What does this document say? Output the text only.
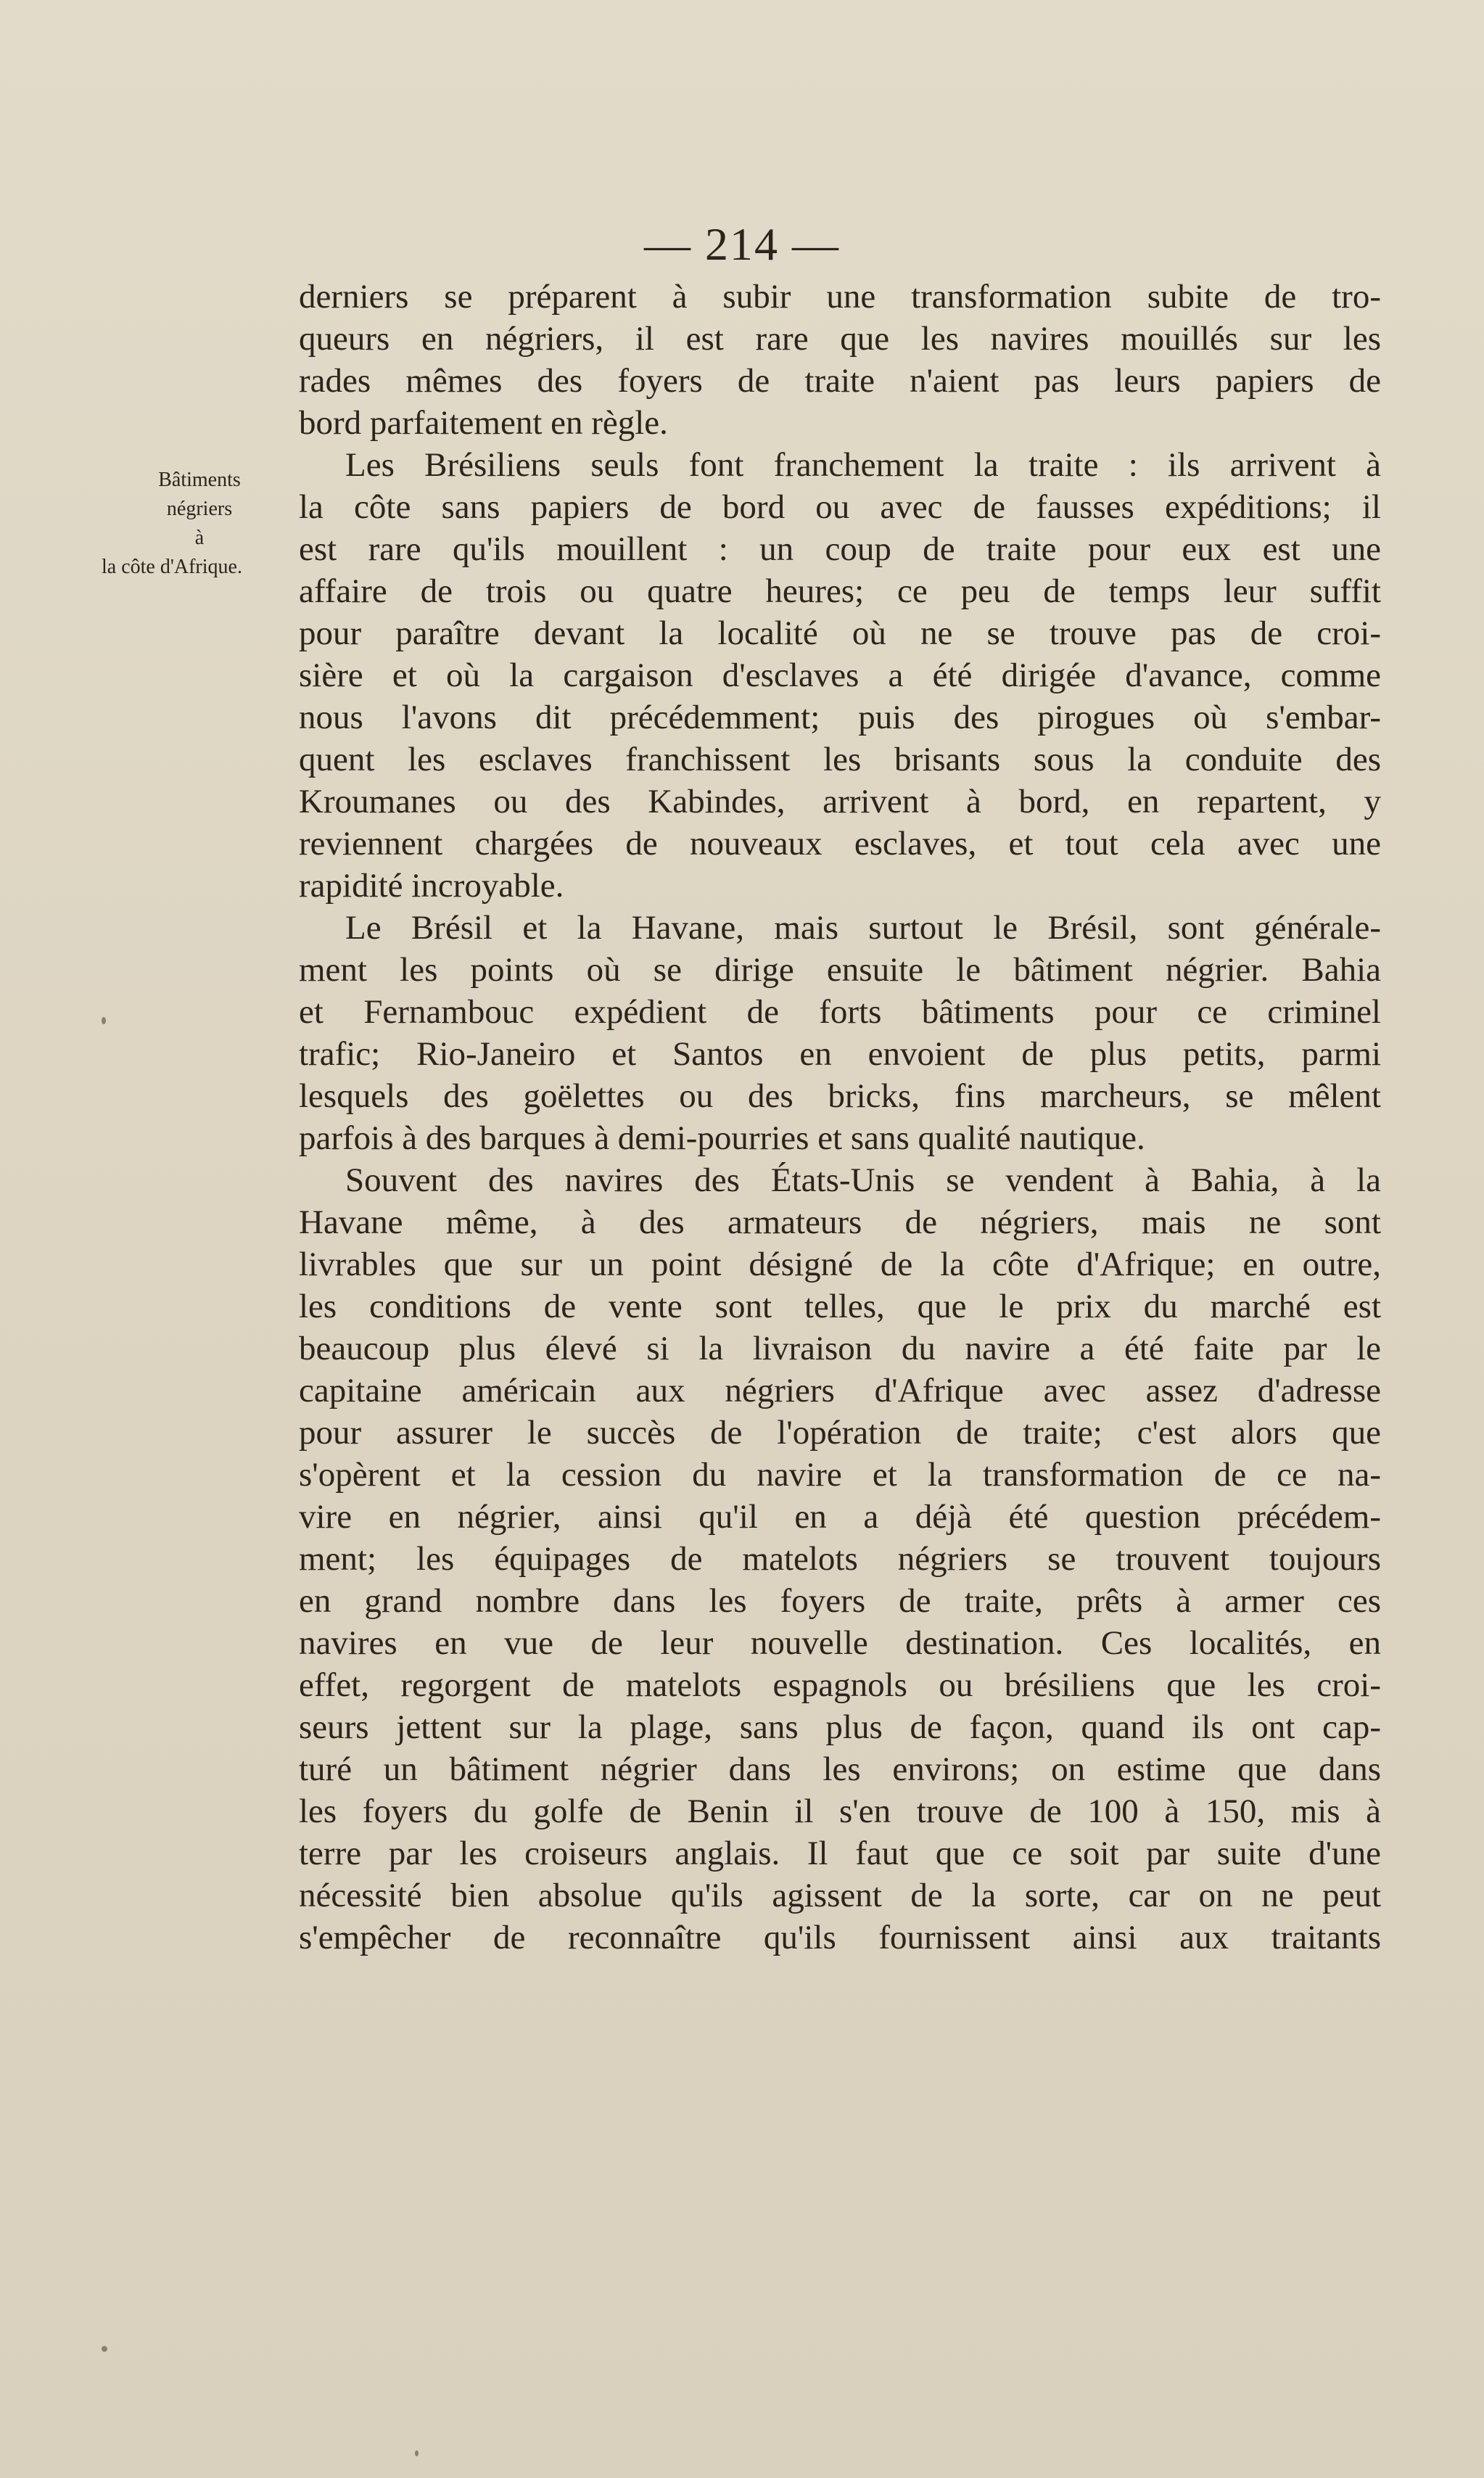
— 214 —
Bâtiments
négriers
à
la côte d'Afrique.
derniers se préparent à subir une transformation subite de tro-
queurs en négriers, il est rare que les navires mouillés sur les
rades mêmes des foyers de traite n'aient pas leurs papiers de
bord parfaitement en règle.
Les Brésiliens seuls font franchement la traite : ils arrivent à
la côte sans papiers de bord ou avec de fausses expéditions; il
est rare qu'ils mouillent : un coup de traite pour eux est une
affaire de trois ou quatre heures; ce peu de temps leur suffit
pour paraître devant la localité où ne se trouve pas de croi-
sière et où la cargaison d'esclaves a été dirigée d'avance, comme
nous l'avons dit précédemment; puis des pirogues où s'embar-
quent les esclaves franchissent les brisants sous la conduite des
Kroumanes ou des Kabindes, arrivent à bord, en repartent, y
reviennent chargées de nouveaux esclaves, et tout cela avec une
rapidité incroyable.
Le Brésil et la Havane, mais surtout le Brésil, sont générale-
ment les points où se dirige ensuite le bâtiment négrier. Bahia
et Fernambouc expédient de forts bâtiments pour ce criminel
trafic; Rio-Janeiro et Santos en envoient de plus petits, parmi
lesquels des goëlettes ou des bricks, fins marcheurs, se mêlent
parfois à des barques à demi-pourries et sans qualité nautique.
Souvent des navires des États-Unis se vendent à Bahia, à la
Havane même, à des armateurs de négriers, mais ne sont
livrables que sur un point désigné de la côte d'Afrique; en outre,
les conditions de vente sont telles, que le prix du marché est
beaucoup plus élevé si la livraison du navire a été faite par le
capitaine américain aux négriers d'Afrique avec assez d'adresse
pour assurer le succès de l'opération de traite; c'est alors que
s'opèrent et la cession du navire et la transformation de ce na-
vire en négrier, ainsi qu'il en a déjà été question précédem-
ment; les équipages de matelots négriers se trouvent toujours
en grand nombre dans les foyers de traite, prêts à armer ces
navires en vue de leur nouvelle destination. Ces localités, en
effet, regorgent de matelots espagnols ou brésiliens que les croi-
seurs jettent sur la plage, sans plus de façon, quand ils ont cap-
turé un bâtiment négrier dans les environs; on estime que dans
les foyers du golfe de Benin il s'en trouve de 100 à 150, mis à
terre par les croiseurs anglais. Il faut que ce soit par suite d'une
nécessité bien absolue qu'ils agissent de la sorte, car on ne peut
s'empêcher de reconnaître qu'ils fournissent ainsi aux traitants
